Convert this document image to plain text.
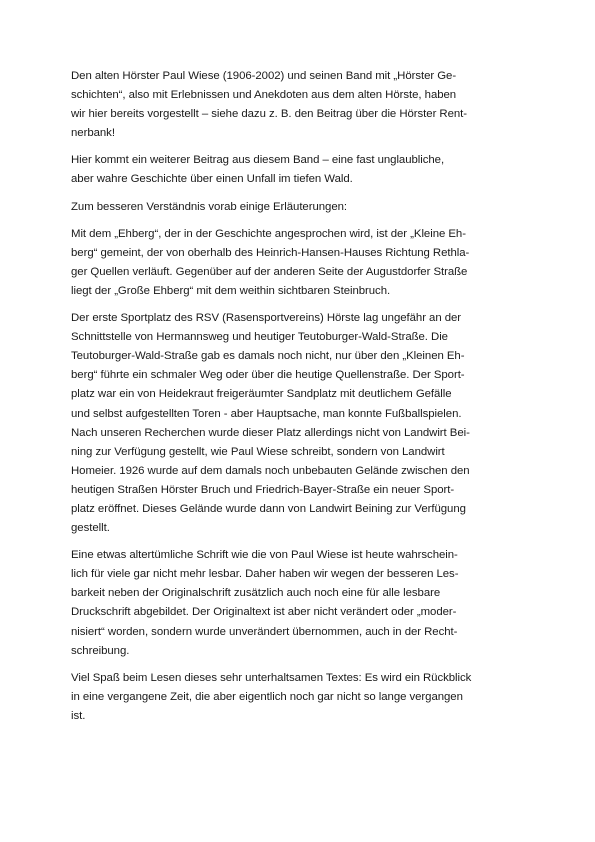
Den alten Hörster Paul Wiese (1906-2002) und seinen Band mit „Hörster Ge-
schichten“, also mit Erlebnissen und Anekdoten aus dem alten Hörste, haben
wir hier bereits vorgestellt – siehe dazu z. B. den Beitrag über die Hörster Rent-
nerbank!

Hier kommt ein weiterer Beitrag aus diesem Band – eine fast unglaubliche,
aber wahre Geschichte über einen Unfall im tiefen Wald.

Zum besseren Verständnis vorab einige Erläuterungen:

Mit dem „Ehberg“, der in der Geschichte angesprochen wird, ist der „Kleine Eh-
berg“ gemeint, der von oberhalb des Heinrich-Hansen-Hauses Richtung Rethla-
ger Quellen verläuft. Gegenüber auf der anderen Seite der Augustdorfer Straße
liegt der „Große Ehberg“ mit dem weithin sichtbaren Steinbruch.

Der erste Sportplatz des RSV (Rasensportvereins) Hörste lag ungefähr an der
Schnittstelle von Hermannsweg und heutiger Teutoburger-Wald-Straße. Die
Teutoburger-Wald-Straße gab es damals noch nicht, nur über den „Kleinen Eh-
berg“ führte ein schmaler Weg oder über die heutige Quellenstraße. Der Sport-
platz war ein von Heidekraut freigeräumter Sandplatz mit deutlichem Gefälle
und selbst aufgestellten Toren - aber Hauptsache, man konnte Fußballspielen.
Nach unseren Recherchen wurde dieser Platz allerdings nicht von Landwirt Bei-
ning zur Verfügung gestellt, wie Paul Wiese schreibt, sondern von Landwirt
Homeier. 1926 wurde auf dem damals noch unbebauten Gelände zwischen den
heutigen Straßen Hörster Bruch und Friedrich-Bayer-Straße ein neuer Sport-
platz eröffnet. Dieses Gelände wurde dann von Landwirt Beining zur Verfügung
gestellt.

Eine etwas altertümliche Schrift wie die von Paul Wiese ist heute wahrschein-
lich für viele gar nicht mehr lesbar. Daher haben wir wegen der besseren Les-
barkeit neben der Originalschrift zusätzlich auch noch eine für alle lesbare
Druckschrift abgebildet. Der Originaltext ist aber nicht verändert oder „moder-
nisiert“ worden, sondern wurde unverändert übernommen, auch in der Recht-
schreibung.

Viel Spaß beim Lesen dieses sehr unterhaltsamen Textes: Es wird ein Rückblick
in eine vergangene Zeit, die aber eigentlich noch gar nicht so lange vergangen
ist.
